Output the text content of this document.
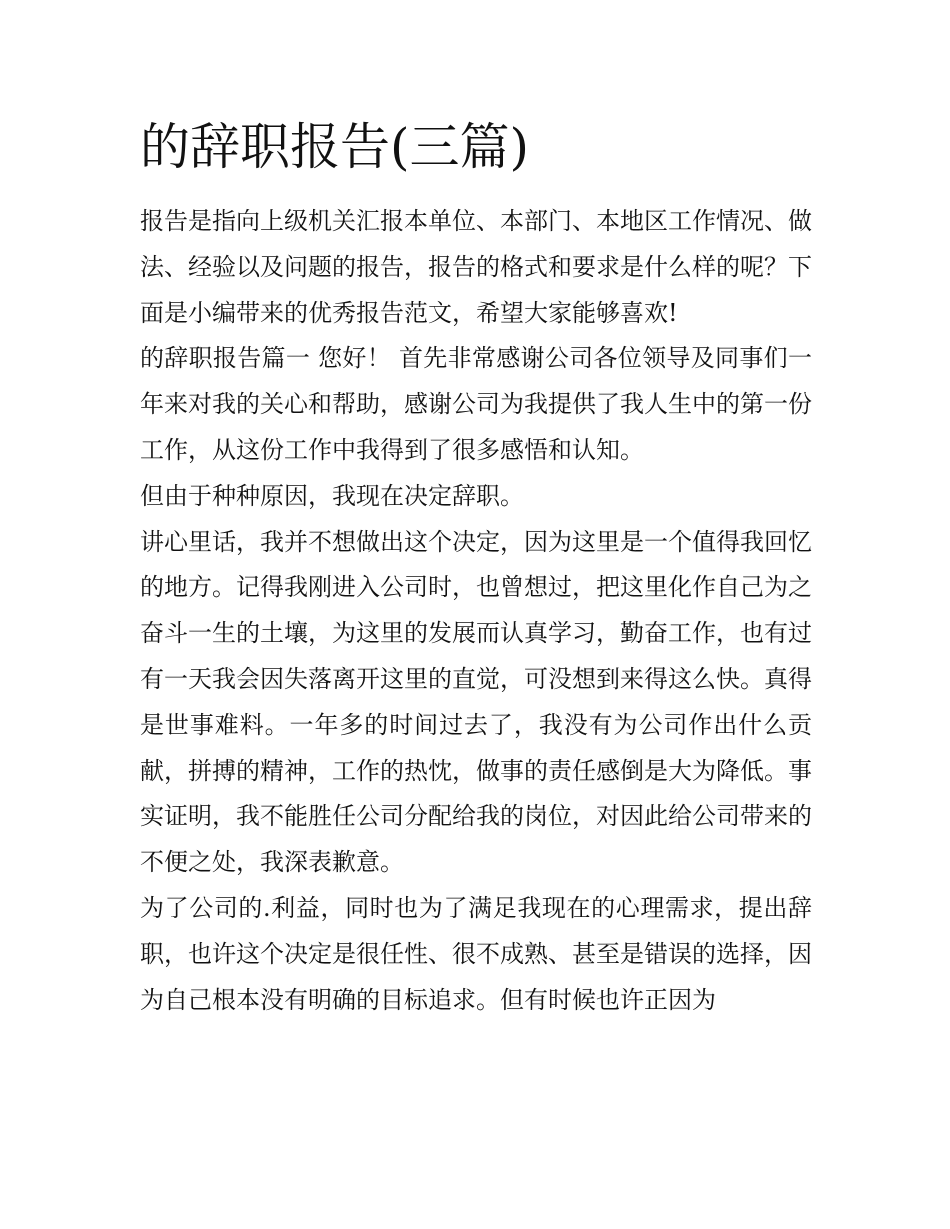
的辞职报告(三篇)

报告是指向上级机关汇报本单位、本部门、本地区工作情况、做法、经验以及问题的报告，报告的格式和要求是什么样的呢？下面是小编带来的优秀报告范文，希望大家能够喜欢!

的辞职报告篇一 您好！ 首先非常感谢公司各位领导及同事们一年来对我的关心和帮助，感谢公司为我提供了我人生中的第一份工作，从这份工作中我得到了很多感悟和认知。

但由于种种原因，我现在决定辞职。

讲心里话，我并不想做出这个决定，因为这里是一个值得我回忆的地方。记得我刚进入公司时，也曾想过，把这里化作自己为之奋斗一生的土壤，为这里的发展而认真学习，勤奋工作，也有过有一天我会因失落离开这里的直觉，可没想到来得这么快。真得是世事难料。一年多的时间过去了，我没有为公司作出什么贡献，拼搏的精神，工作的热忱，做事的责任感倒是大为降低。事实证明，我不能胜任公司分配给我的岗位，对因此给公司带来的不便之处，我深表歉意。

为了公司的.利益，同时也为了满足我现在的心理需求，提出辞职，也许这个决定是很任性、很不成熟、甚至是错误的选择，因为自己根本没有明确的目标追求。但有时候也许正因为
